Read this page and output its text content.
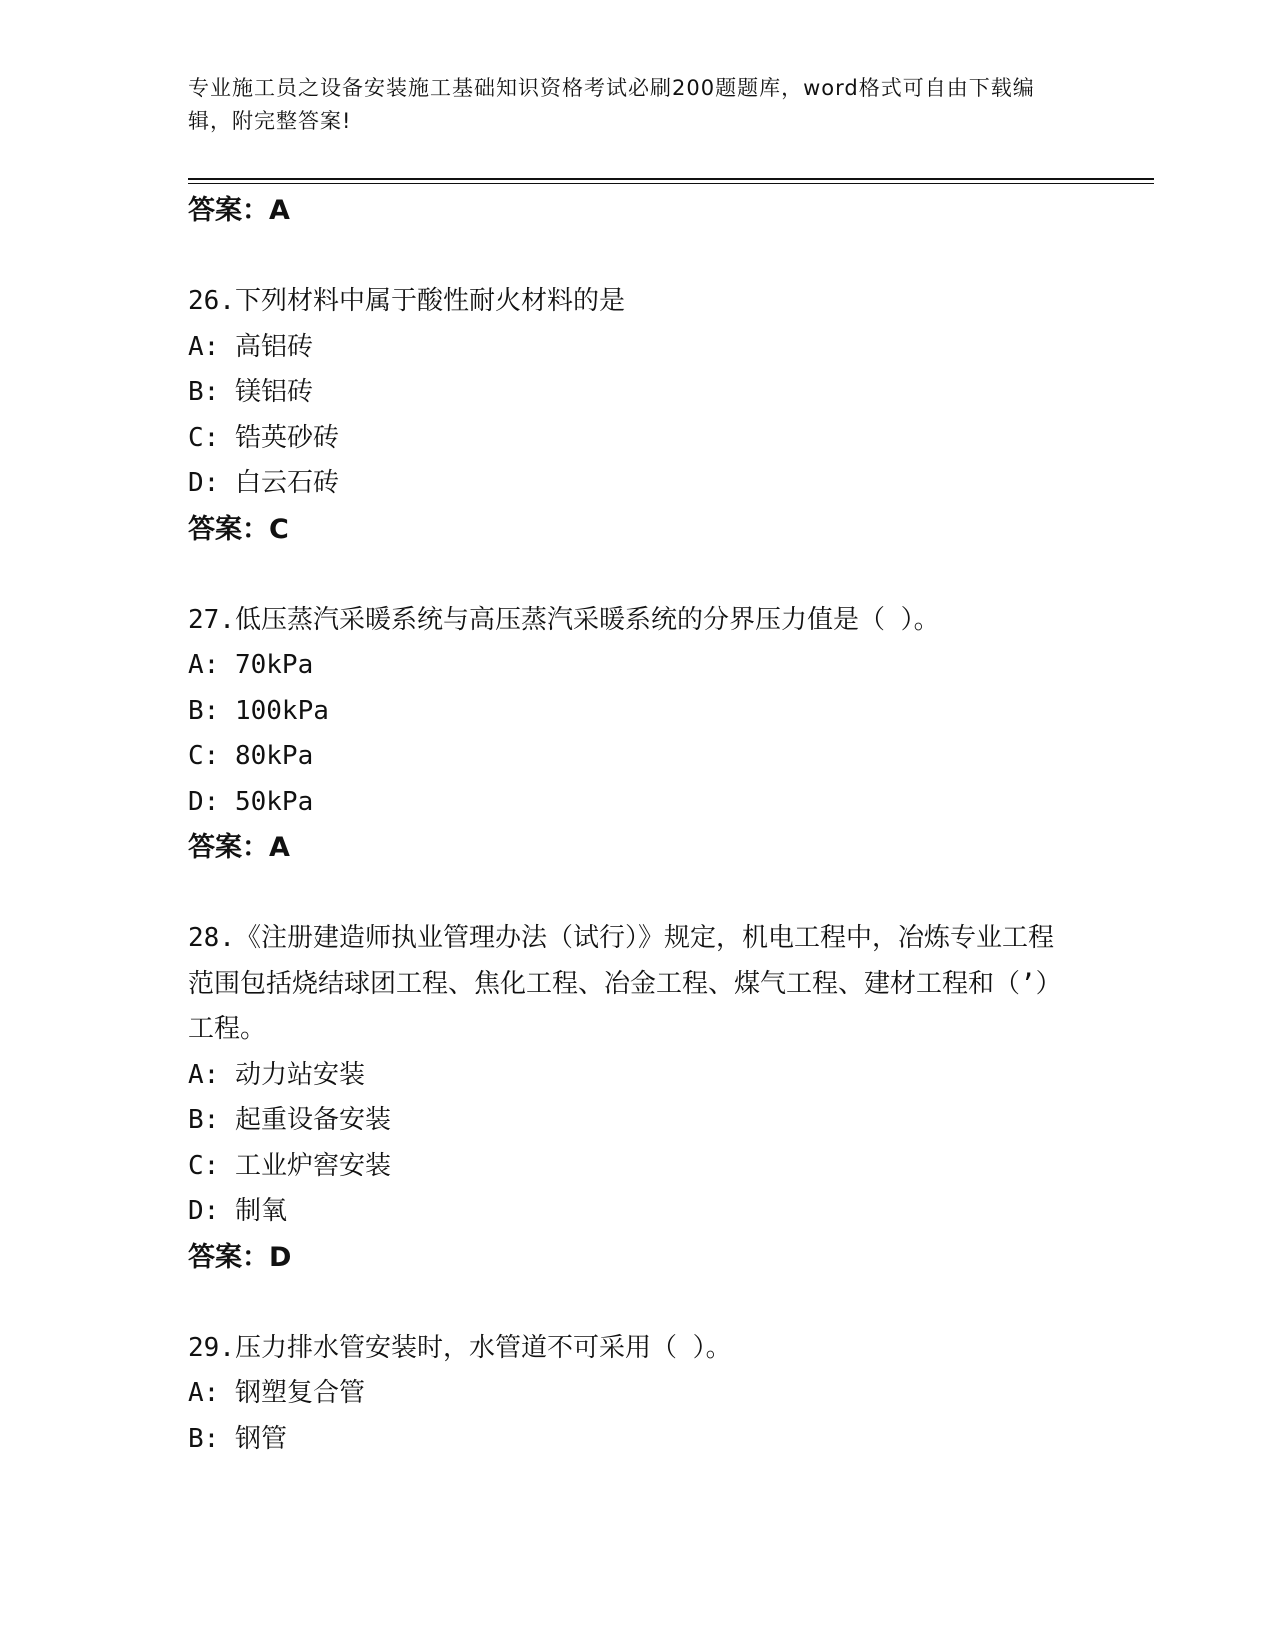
专业施工员之设备安装施工基础知识资格考试必刷200题题库，word格式可自由下载编辑，附完整答案!
答案：A
26.下列材料中属于酸性耐火材料的是
A: 高铝砖
B: 镁铝砖
C: 锆英砂砖
D: 白云石砖
答案：C
27.低压蒸汽采暖系统与高压蒸汽采暖系统的分界压力值是（ ）。
A: 70kPa
B: 100kPa
C: 80kPa
D: 50kPa
答案：A
28.《注册建造师执业管理办法（试行）》规定，机电工程中，冶炼专业工程范围包括烧结球团工程、焦化工程、冶金工程、煤气工程、建材工程和（’）工程。
A: 动力站安装
B: 起重设备安装
C: 工业炉窖安装
D: 制氧
答案：D
29.压力排水管安装时，水管道不可采用（ ）。
A: 钢塑复合管
B: 钢管
